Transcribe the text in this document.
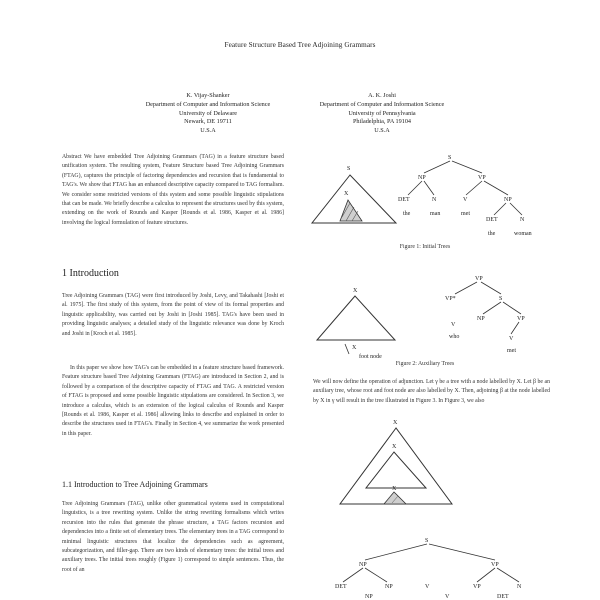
Feature Structure Based Tree Adjoining Grammars
K. Vijay-Shanker
Department of Computer and Information Science
University of Delaware
Newark, DE 19711
U.S.A
A. K. Joshi
Department of Computer and Information Science
University of Pennsylvania
Philadelphia, PA 19104
U.S.A
Abstract We have embedded Tree Adjoining Grammars (TAG) in a feature structure based unification system. The resulting system, Feature Structure based Tree Adjoining Grammars (FTAG), captures the principle of factoring dependencies and recursion that is fundamental to TAG's. We show that FTAG has an enhanced descriptive capacity compared to TAG formalism. We consider some restricted versions of this system and some possible linguistic stipulations that can be made. We briefly describe a calculus to represent the structures used by this system, extending on the work of Rounds and Kasper [Rounds et al. 1986, Kasper et al. 1986] involving the logical formulation of feature structures.
1 Introduction
Tree Adjoining Grammars (TAG) were first introduced by Joshi, Levy, and Takahashi [Joshi et al. 1975]. The first study of this system, from the point of view of its formal properties and linguistic applicability, was carried out by Joshi in [Joshi 1985]. TAG's have been used in providing linguistic analyses; a detailed study of the linguistic relevance was done by Kroch and Joshi in [Kroch et al. 1985].
In this paper we show how TAG's can be embedded in a feature structure based framework. Feature structure based Tree Adjoining Grammars (FTAG) are introduced in Section 2, and is followed by a comparison of the descriptive capacity of FTAG and TAG. A restricted version of FTAG is proposed and some possible linguistic stipulations are considered. In Section 3, we introduce a calculus, which is an extension of the logical calculus of Rounds and Kasper [Rounds et al. 1986, Kasper et al. 1986] allowing links to describe and explained in order to describe the structures used in FTAG's. Finally in Section 4, we summarize the work presented in this paper.
1.1 Introduction to Tree Adjoining Grammars
Tree Adjoining Grammars (TAG), unlike other grammatical systems used in computational linguistics, is a tree rewriting system. Unlike the string rewriting formalisms which writes recursion into the rules that generate the phrase structure, a TAG factors recursion and dependencies into a finite set of elementary trees. The elementary trees in a TAG correspond to minimal linguistic structures that localize the dependencies such as agreement, subcategorization, and filler-gap. There are two kinds of elementary trees: the initial trees and auxiliary trees. The initial trees roughly (Figure 1) correspond to simple sentences. Thus, the root of an
S
X
S
NP	VP
DET	N	V	NP
DET	N
the	man	met
the	woman
Figure 1: Initial Trees
X
X
foot node
VP
VP*	S
NP	VP
V
V
who
met
Figure 2: Auxiliary Trees
We will now define the operation of adjunction. Let γ be a tree with a node labelled by X. Let β be an auxiliary tree, whose root and foot node are also labelled by X. Then, adjoining β at the node labelled by X in γ will result in the tree illustrated in Figure 3. In Figure 3, we also
X
X
X
S
NP	VP
DET	NP	VP	N
V
V
NP	DET
